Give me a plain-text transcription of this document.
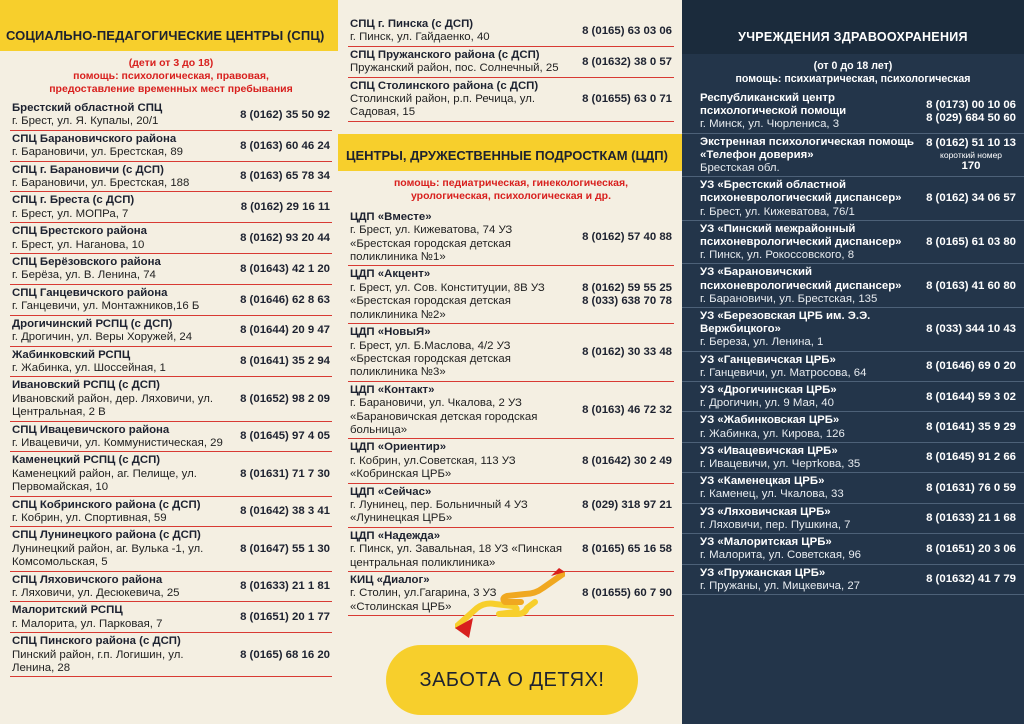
СОЦИАЛЬНО-ПЕДАГОГИЧЕСКИЕ ЦЕНТРЫ (СПЦ)
(дети от 3 до 18)
помощь: психологическая, правовая,
предоставление временных мест пребывания
Брестский областной СПЦ
г. Брест, ул. Я. Купалы, 20/1
8 (0162) 35 50 92
СПЦ Барановичского района
г. Барановичи, ул. Брестская, 89
8 (0163) 60 46 24
СПЦ г. Барановичи (с ДСП)
г. Барановичи, ул. Брестская, 188
8 (0163) 65 78 34
СПЦ г. Бреста (с ДСП)
г. Брест, ул. МОПРа, 7
8 (0162) 29 16 11
СПЦ Брестского района
г. Брест, ул. Наганова, 10
8 (0162) 93 20 44
СПЦ Берёзовского района
г. Берёза, ул. В. Ленина, 74
8 (01643) 42 1 20
СПЦ Ганцевичского района
г. Ганцевичи, ул. Монтажников,16 Б
8 (01646) 62 8 63
Дрогичинский РСПЦ (с ДСП)
г. Дрогичин, ул. Веры Хоружей, 24
8 (01644) 20 9 47
Жабинковский РСПЦ
г. Жабинка, ул. Шоссейная, 1
8 (01641) 35 2 94
Ивановский РСПЦ (с ДСП)
Ивановский район, дер. Ляховичи, ул. Центральная, 2 В
8 (01652) 98 2 09
СПЦ Ивацевичского района
г. Ивацевичи, ул. Коммунистическая, 29
8 (01645) 97 4 05
Каменецкий РСПЦ (с ДСП)
Каменецкий район, аг. Пелище, ул. Первомайская, 10
8 (01631) 71 7 30
СПЦ Кобринского района (с ДСП)
г. Кобрин, ул. Спортивная, 59
8 (01642) 38 3 41
СПЦ Лунинецкого района (с ДСП)
Лунинецкий район, аг. Вулька -1, ул. Комсомольская, 5
8 (01647) 55 1 30
СПЦ Ляховичского района
г. Ляховичи, ул. Десюкевича, 25
8 (01633) 21 1 81
Малоритский РСПЦ
г. Малорита, ул. Парковая, 7
8 (01651) 20 1 77
СПЦ Пинского района (с ДСП)
Пинский район, г.п. Логишин, ул. Ленина, 28
8 (0165) 68 16 20
СПЦ г. Пинска (с ДСП)
г. Пинск, ул. Гайдаенко, 40
8 (0165) 63 03 06
СПЦ Пружанского района (с ДСП)
Пружанский район, пос. Солнечный, 25
8 (01632) 38 0 57
СПЦ Столинского района (с ДСП)
Столинский район, р.п. Речица, ул. Садовая, 15
8 (01655) 63 0 71
ЦЕНТРЫ, ДРУЖЕСТВЕННЫЕ ПОДРОСТКАМ (ЦДП)
помощь: педиатрическая, гинекологическая,
урологическая, психологическая и др.
ЦДП «Вместе»
г. Брест, ул. Кижеватова, 74 УЗ «Брестская городская детская поликлиника №1»
8 (0162) 57 40 88
ЦДП «Акцент»
г. Брест, ул. Сов. Конституции, 8В УЗ «Брестская городская детская поликлиника №2»
8 (0162) 59 55 25
8 (033) 638 70 78
ЦДП «НовыЯ»
г. Брест, ул. Б.Маслова, 4/2 УЗ «Брестская городская детская поликлиника №3»
8 (0162) 30 33 48
ЦДП «Контакт»
г. Барановичи, ул. Чкалова, 2 УЗ «Барановичская детская городская больница»
8 (0163) 46 72 32
ЦДП «Ориентир»
г. Кобрин, ул.Советская, 113 УЗ «Кобринская ЦРБ»
8 (01642) 30 2 49
ЦДП «Сейчас»
г. Лунинец, пер. Больничный 4 УЗ «Лунинецкая ЦРБ»
8 (029) 318 97 21
ЦДП «Надежда»
г. Пинск, ул. Завальная, 18 УЗ «Пинская центральная поликлиника»
8 (0165) 65 16 58
КИЦ «Диалог»
г. Столин, ул.Гагарина, 3 УЗ «Столинская ЦРБ»
8 (01655) 60 7 90
ЗАБОТА О ДЕТЯХ!
УЧРЕЖДЕНИЯ ЗДРАВООХРАНЕНИЯ
(от 0 до 18 лет)
помощь: психиатрическая, психологическая
Республиканский центр психологической помощи
г. Минск, ул. Чюрлениса, 3
8 (0173) 00 10 06
8 (029) 684 50 60
Экстренная психологическая помощь «Телефон доверия»
Брестская обл.
8 (0162) 51 10 13
короткий номер
170
УЗ «Брестский областной психоневрологический диспансер»
г. Брест, ул. Кижеватова, 76/1
8 (0162) 34 06 57
УЗ «Пинский межрайонный психоневрологический диспансер»
г. Пинск, ул. Рокоссовского, 8
8 (0165) 61 03 80
УЗ «Барановичский психоневрологический диспансер»
г. Барановичи, ул. Брестская, 135
8 (0163) 41 60 80
УЗ «Березовская ЦРБ им. Э.Э. Вержбицкого»
г. Береза, ул. Ленина, 1
8 (033) 344 10 43
УЗ «Ганцевичская ЦРБ»
г. Ганцевичи, ул. Матросова, 64
8 (01646) 69 0 20
УЗ «Дрогичинская ЦРБ»
г. Дрогичин, ул. 9 Мая, 40
8 (01644) 59 3 02
УЗ «Жабинковская ЦРБ»
г. Жабинка, ул. Кирова, 126
8 (01641) 35 9 29
УЗ «Ивацевичская ЦРБ»
г. Ивацевичи, ул. Чертkова, 35
8 (01645) 91 2 66
УЗ «Каменецкая ЦРБ»
г. Каменец, ул. Чкалова, 33
8 (01631) 76 0 59
УЗ «Ляховичская ЦРБ»
г. Ляховичи, пер. Пушкина, 7
8 (01633) 21 1 68
УЗ «Малоритская ЦРБ»
г. Малорита, ул. Советская, 96
8 (01651) 20 3 06
УЗ «Пружанская ЦРБ»
г. Пружаны, ул. Мицкевича, 27
8 (01632) 41 7 79
